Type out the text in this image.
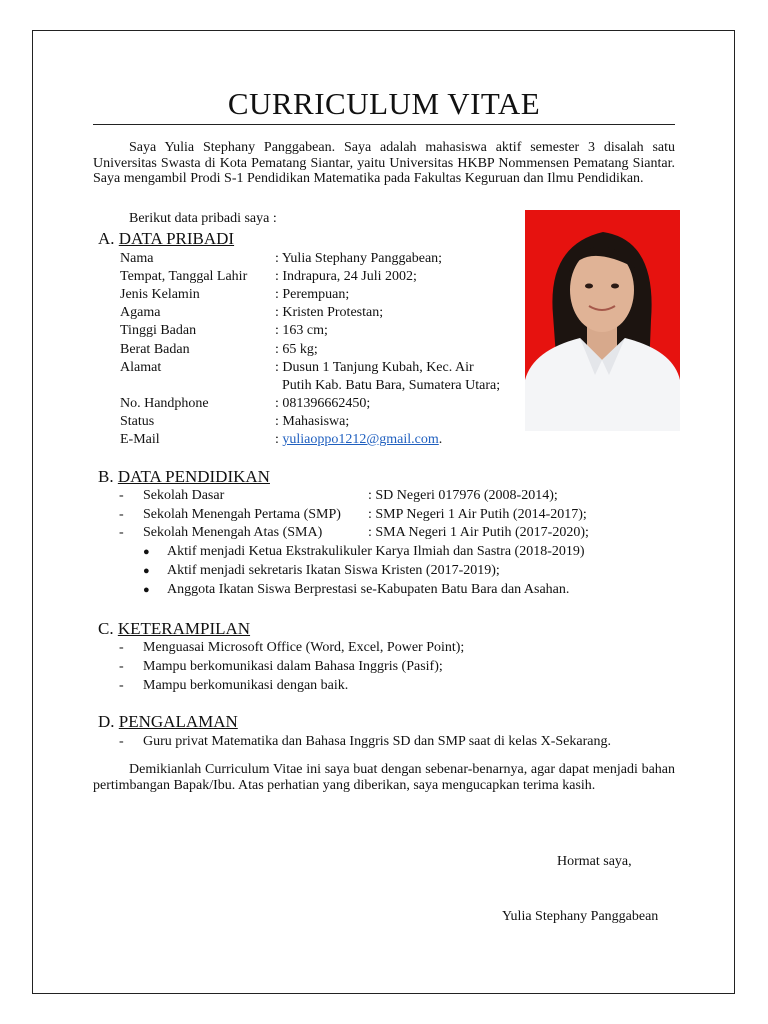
CURRICULUM VITAE
Saya Yulia Stephany Panggabean. Saya adalah mahasiswa aktif semester 3 disalah satu Universitas Swasta di Kota Pematang Siantar, yaitu Universitas HKBP Nommensen Pematang Siantar. Saya mengambil Prodi S-1 Pendidikan Matematika pada Fakultas Keguruan dan Ilmu Pendidikan.
Berikut data pribadi saya :
A. DATA PRIBADI
Nama	: Yulia Stephany Panggabean;
Tempat, Tanggal Lahir : Indrapura, 24 Juli 2002;
Jenis Kelamin	: Perempuan;
Agama	: Kristen Protestan;
Tinggi Badan	: 163 cm;
Berat Badan	: 65 kg;
Alamat	: Dusun 1 Tanjung Kubah, Kec. Air
Putih Kab. Batu Bara, Sumatera Utara;
No. Handphone	: 081396662450;
Status	: Mahasiswa;
E-Mail	: yuliaoppo1212@gmail.com.
B. DATA PENDIDIKAN
- Sekolah Dasar	: SD Negeri 017976 (2008-2014);
- Sekolah Menengah Pertama (SMP) : SMP Negeri 1 Air Putih (2014-2017);
- Sekolah Menengah Atas (SMA)	: SMA Negeri 1 Air Putih (2017-2020);
● Aktif menjadi Ketua Ekstrakulikuler Karya Ilmiah dan Sastra (2018-2019)
● Aktif menjadi sekretaris Ikatan Siswa Kristen (2017-2019);
● Anggota Ikatan Siswa Berprestasi se-Kabupaten Batu Bara dan Asahan.
C. KETERAMPILAN
- Menguasai Microsoft Office (Word, Excel, Power Point);
- Mampu berkomunikasi dalam Bahasa Inggris (Pasif);
- Mampu berkomunikasi dengan baik.
D. PENGALAMAN
- Guru privat Matematika dan Bahasa Inggris SD dan SMP saat di kelas X-Sekarang.
Demikianlah Curriculum Vitae ini saya buat dengan sebenar-benarnya, agar dapat menjadi bahan pertimbangan Bapak/Ibu. Atas perhatian yang diberikan, saya mengucapkan terima kasih.
Hormat saya,
Yulia Stephany Panggabean
